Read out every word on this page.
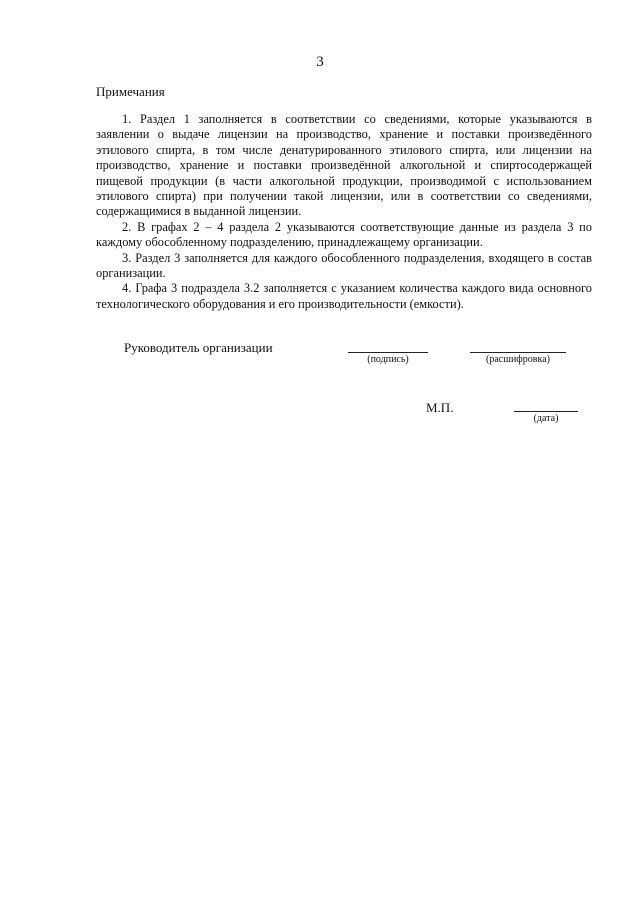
3
Примечания

1. Раздел 1 заполняется в соответствии со сведениями, которые указываются в заявлении о выдаче лицензии на производство, хранение и поставки произведённого этилового спирта, в том числе денатурированного этилового спирта, или лицензии на производство, хранение и поставки произведённой алкогольной и спиртосодержащей пищевой продукции (в части алкогольной продукции, производимой с использованием этилового спирта) при получении такой лицензии, или в соответствии со сведениями, содержащимися в выданной лицензии.

2. В графах 2 – 4 раздела 2 указываются соответствующие данные из раздела 3 по каждому обособленному подразделению, принадлежащему организации.

3. Раздел 3 заполняется для каждого обособленного подразделения, входящего в состав организации.

4. Графа 3 подраздела 3.2 заполняется с указанием количества каждого вида основного технологического оборудования и его производительности (емкости).

Руководитель организации
(подпись)	(расшифровка)
М.П.
(дата)
